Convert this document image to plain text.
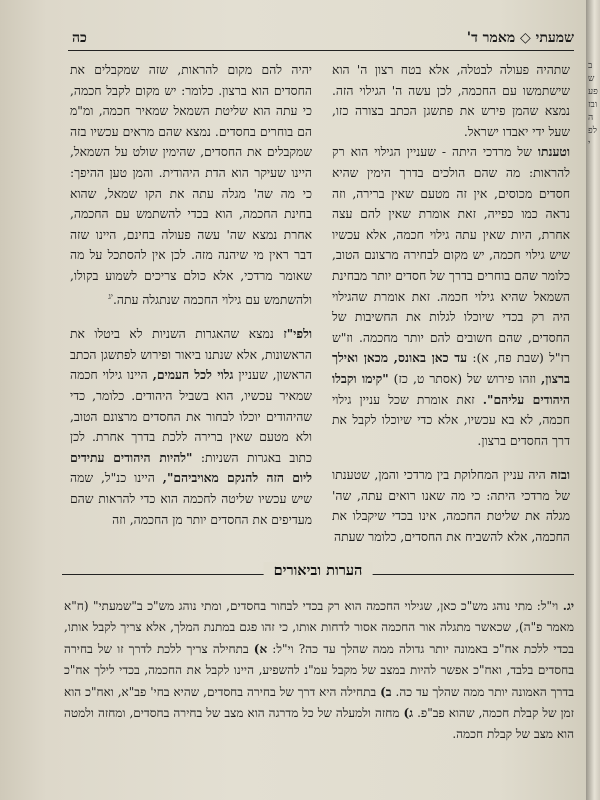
שמעתי ◇ מאמר ד'
כה

שתהיה פעולה לבטלה, אלא בטח רצון ה' הוא שישתמשו עם החכמה, לכן עשה ה' הגילוי הזה. נמצא שהמן פירש את פתשגן הכתב בצורה כזו, שעל ידי יאבדו ישראל.

וטענתו של מרדכי היתה - שעניין הגילוי הוא רק להראות: מה שהם הולכים בדרך הימין שהיא חסדים מכוסים, אין זה מטעם שאין ברירה, וזה נראה כמו כפייה, זאת אומרת שאין להם עצה אחרת, היות שאין עתה גילוי חכמה, אלא עכשיו שיש גילוי חכמה, יש מקום לבחירה מרצונם הטוב, כלומר שהם בוחרים בדרך של חסדים יותר מבחינת השמאל שהיא גילוי חכמה. זאת אומרת שהגילוי היה רק בכדי שיוכלו לגלות את החשיבות של החסדים, שהם חשובים להם יותר מחכמה. וז"ש רז"ל (שבת פח, א): עד כאן באונס, מכאן ואילך ברצון, וזהו פירוש של (אסתר ט, כז) "קימו וקבלו היהודים עליהם". זאת אומרת שכל עניין גילוי חכמה, לא בא עכשיו, אלא כדי שיוכלו לקבל את דרך החסדים ברצון.

ובזה היה עניין המחלוקת בין מרדכי והמן, שטענתו של מרדכי היתה: כי מה שאנו רואים עתה, שה' מגלה את שליטת החכמה, אינו בכדי שיקבלו את החכמה, אלא להשביח את החסדים, כלומר שעתה

יהיה להם מקום להראות, שזה שמקבלים את החסדים הוא ברצון. כלומר: יש מקום לקבל חכמה, כי עתה הוא שליטת השמאל שמאיר חכמה, ומ"מ הם בוחרים בחסדים. נמצא שהם מראים עכשיו בזה שמקבלים את החסדים, שהימין שולט על השמאל, היינו שעיקר הוא הדת היהודית. והמן טען ההיפך: כי מה שה' מגלה עתה את הקו שמאל, שהוא בחינת החכמה, הוא בכדי להשתמש עם החכמה, אחרת נמצא שה' עשה פעולה בחינם, היינו שזה דבר ראין מי שיהנה מזה. לכן אין להסתכל על מה שאומר מרדכי, אלא כולם צריכים לשמוע בקולו, ולהשתמש עם גילוי החכמה שנתגלה עתה.$^{יג}$

ולפי"ז נמצא שהאגרות השניות לא ביטלו את הראשונות, אלא שנתנו ביאור ופירוש לפתשגן הכתב הראשון, שעניין גלוי לכל העמים, היינו גילוי חכמה שמאיר עכשיו, הוא בשביל היהודים. כלומר, כדי שהיהודים יוכלו לבחור את החסדים מרצונם הטוב, ולא מטעם שאין ברירה ללכת בדרך אחרת. לכן כתוב באגרות השניות: "להיות היהודים עתידים ליום הזה להנקם מאויביהם", היינו כנ"ל, שמה שיש עכשיו שליטה לחכמה הוא כדי להראות שהם מעדיפים את החסדים יותר מן החכמה, וזה

הערות וביאורים

יג. וי"ל: מתי נוהג מש"כ כאן, שגילוי החכמה הוא רק בכדי לבחור בחסדים, ומתי נוהג מש"כ ב"שמעתי" (ח"א מאמר פ"ה), שכאשר מתגלה אור החכמה אסור לדחות אותו, כי זהו פגם במתנת המלך, אלא צריך לקבל אותו, בכדי ללכת אח"כ באמונה יותר גדולה ממה שהלך עד כה? וי"ל: א) בתחילה צריך ללכת לדרך זו של בחירה בחסדים בלבד, ואח"כ אפשר להיות במצב של מקבל עמ"נ להשפיע, היינו לקבל את החכמה, בכדי לילך אח"כ בדרך האמונה יותר ממה שהלך עד כה. ב) בתחילה היא דרך של בחירה בחסדים, שהיא בחי' פב"א, ואח"כ הוא זמן של קבלת חכמה, שהוא פב"פ. ג) מחזה ולמעלה של כל מדרגה הוא מצב של בחירה בחסדים, ומחזה ולמטה הוא מצב של קבלת חכמה.

בשפע ובזה לפי
